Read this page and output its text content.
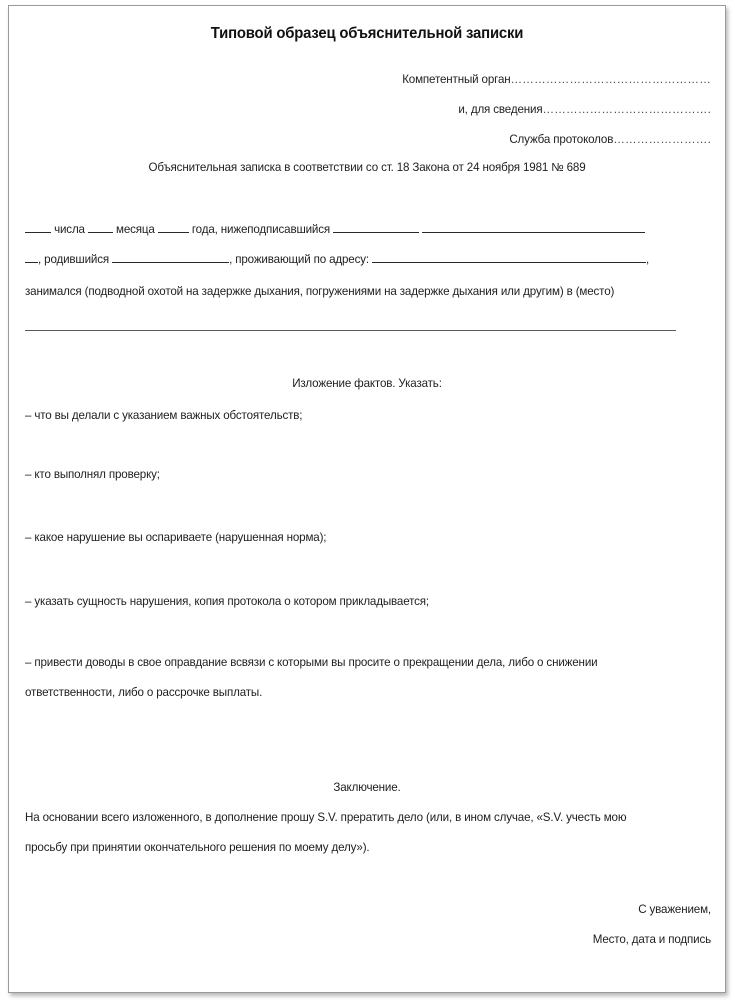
Типовой образец объяснительной записки
Компетентный орган……………………………………………
и, для сведения…………………………………….
Служба протоколов…………………….
Объяснительная записка в соответствии со ст. 18 Закона от 24 ноября 1981 № 689
числа	месяца	года, нижеподписавшийся
, родившийся	, проживающий по адресу:	,
занимался (подводной охотой на задержке дыхания, погружениями на задержке дыхания или другим) в (место)
Изложение фактов. Указать:
– что вы делали с указанием важных обстоятельств;
– кто выполнял проверку;
– какое нарушение вы оспариваете (нарушенная норма);
– указать сущность нарушения, копия протокола о котором прикладывается;
– привести доводы в свое оправдание всвязи с которыми вы просите о прекращении дела, либо о снижении
ответственности, либо о рассрочке выплаты.
Заключение.
На основании всего изложенного, в дополнение прошу S.V. прератить дело (или, в ином случае, «S.V. учесть мою
просьбу при принятии окончательного решения по моему делу»).
С уважением,
Место, дата и подпись
